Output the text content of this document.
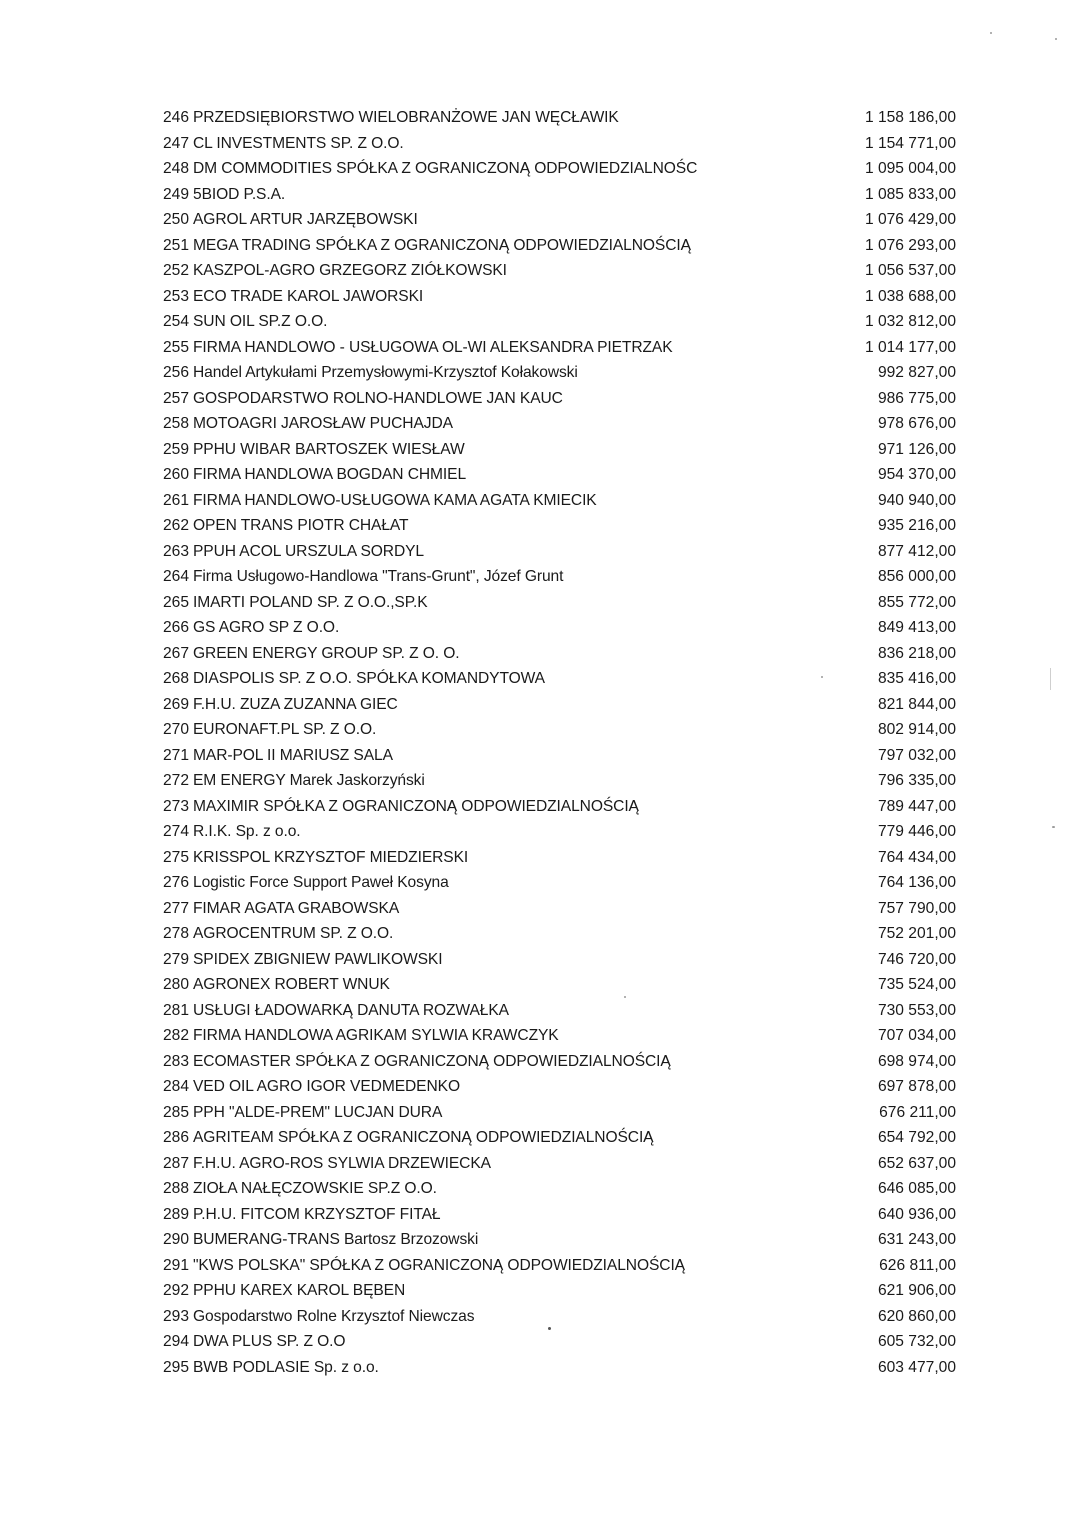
246 PRZEDSIĘBIORSTWO WIELOBRANŻOWE JAN WĘCŁAWIK	1 158 186,00
247 CL INVESTMENTS SP. Z O.O.	1 154 771,00
248 DM COMMODITIES SPÓŁKA Z OGRANICZONĄ ODPOWIEDZIALNOŚC	1 095 004,00
249 5BIOD P.S.A.	1 085 833,00
250 AGROL ARTUR JARZĘBOWSKI	1 076 429,00
251 MEGA TRADING SPÓŁKA Z OGRANICZONĄ ODPOWIEDZIALNOŚCIĄ	1 076 293,00
252 KASZPOL-AGRO GRZEGORZ ZIÓŁKOWSKI	1 056 537,00
253 ECO TRADE KAROL JAWORSKI	1 038 688,00
254 SUN OIL SP.Z O.O.	1 032 812,00
255 FIRMA HANDLOWO - USŁUGOWA OL-WI ALEKSANDRA PIETRZAK	1 014 177,00
256 Handel Artykułami Przemysłowymi-Krzysztof Kołakowski	992 827,00
257 GOSPODARSTWO ROLNO-HANDLOWE JAN KAUC	986 775,00
258 MOTOAGRI JAROSŁAW PUCHAJDA	978 676,00
259 PPHU WIBAR BARTOSZEK WIESŁAW	971 126,00
260 FIRMA HANDLOWA BOGDAN CHMIEL	954 370,00
261 FIRMA HANDLOWO-USŁUGOWA KAMA AGATA KMIECIK	940 940,00
262 OPEN TRANS PIOTR CHAŁAT	935 216,00
263 PPUH ACOL URSZULA SORDYL	877 412,00
264 Firma Usługowo-Handlowa "Trans-Grunt", Józef Grunt	856 000,00
265 IMARTI POLAND SP. Z O.O.,SP.K	855 772,00
266 GS AGRO SP Z O.O.	849 413,00
267 GREEN ENERGY GROUP SP. Z O. O.	836 218,00
268 DIASPOLIS SP. Z O.O. SPÓŁKA KOMANDYTOWA	835 416,00
269 F.H.U. ZUZA ZUZANNA GIEC	821 844,00
270 EURONAFT.PL SP. Z O.O.	802 914,00
271 MAR-POL II MARIUSZ SALA	797 032,00
272 EM ENERGY Marek Jaskorzyński	796 335,00
273 MAXIMIR SPÓŁKA Z OGRANICZONĄ ODPOWIEDZIALNOŚCIĄ	789 447,00
274 R.I.K. Sp. z o.o.	779 446,00
275 KRISSPOL KRZYSZTOF MIEDZIERSKI	764 434,00
276 Logistic Force Support Paweł Kosyna	764 136,00
277 FIMAR AGATA GRABOWSKA	757 790,00
278 AGROCENTRUM SP. Z O.O.	752 201,00
279 SPIDEX ZBIGNIEW PAWLIKOWSKI	746 720,00
280 AGRONEX ROBERT WNUK	735 524,00
281 USŁUGI ŁADOWARKĄ DANUTA ROZWAŁKA	730 553,00
282 FIRMA HANDLOWA AGRIKAM SYLWIA KRAWCZYK	707 034,00
283 ECOMASTER SPÓŁKA Z OGRANICZONĄ ODPOWIEDZIALNOŚCIĄ	698 974,00
284 VED OIL AGRO IGOR VEDMEDENKO	697 878,00
285 PPH "ALDE-PREM" LUCJAN DURA	676 211,00
286 AGRITEAM SPÓŁKA Z OGRANICZONĄ ODPOWIEDZIALNOŚCIĄ	654 792,00
287 F.H.U. AGRO-ROS SYLWIA DRZEWIECKA	652 637,00
288 ZIOŁA NAŁĘCZOWSKIE SP.Z O.O.	646 085,00
289 P.H.U. FITCOM KRZYSZTOF FITAŁ	640 936,00
290 BUMERANG-TRANS Bartosz Brzozowski	631 243,00
291 "KWS POLSKA" SPÓŁKA Z OGRANICZONĄ ODPOWIEDZIALNOŚCIĄ	626 811,00
292 PPHU KAREX KAROL BĘBEN	621 906,00
293 Gospodarstwo Rolne Krzysztof Niewczas	620 860,00
294 DWA PLUS SP. Z O.O	605 732,00
295 BWB PODLASIE Sp. z o.o.	603 477,00
